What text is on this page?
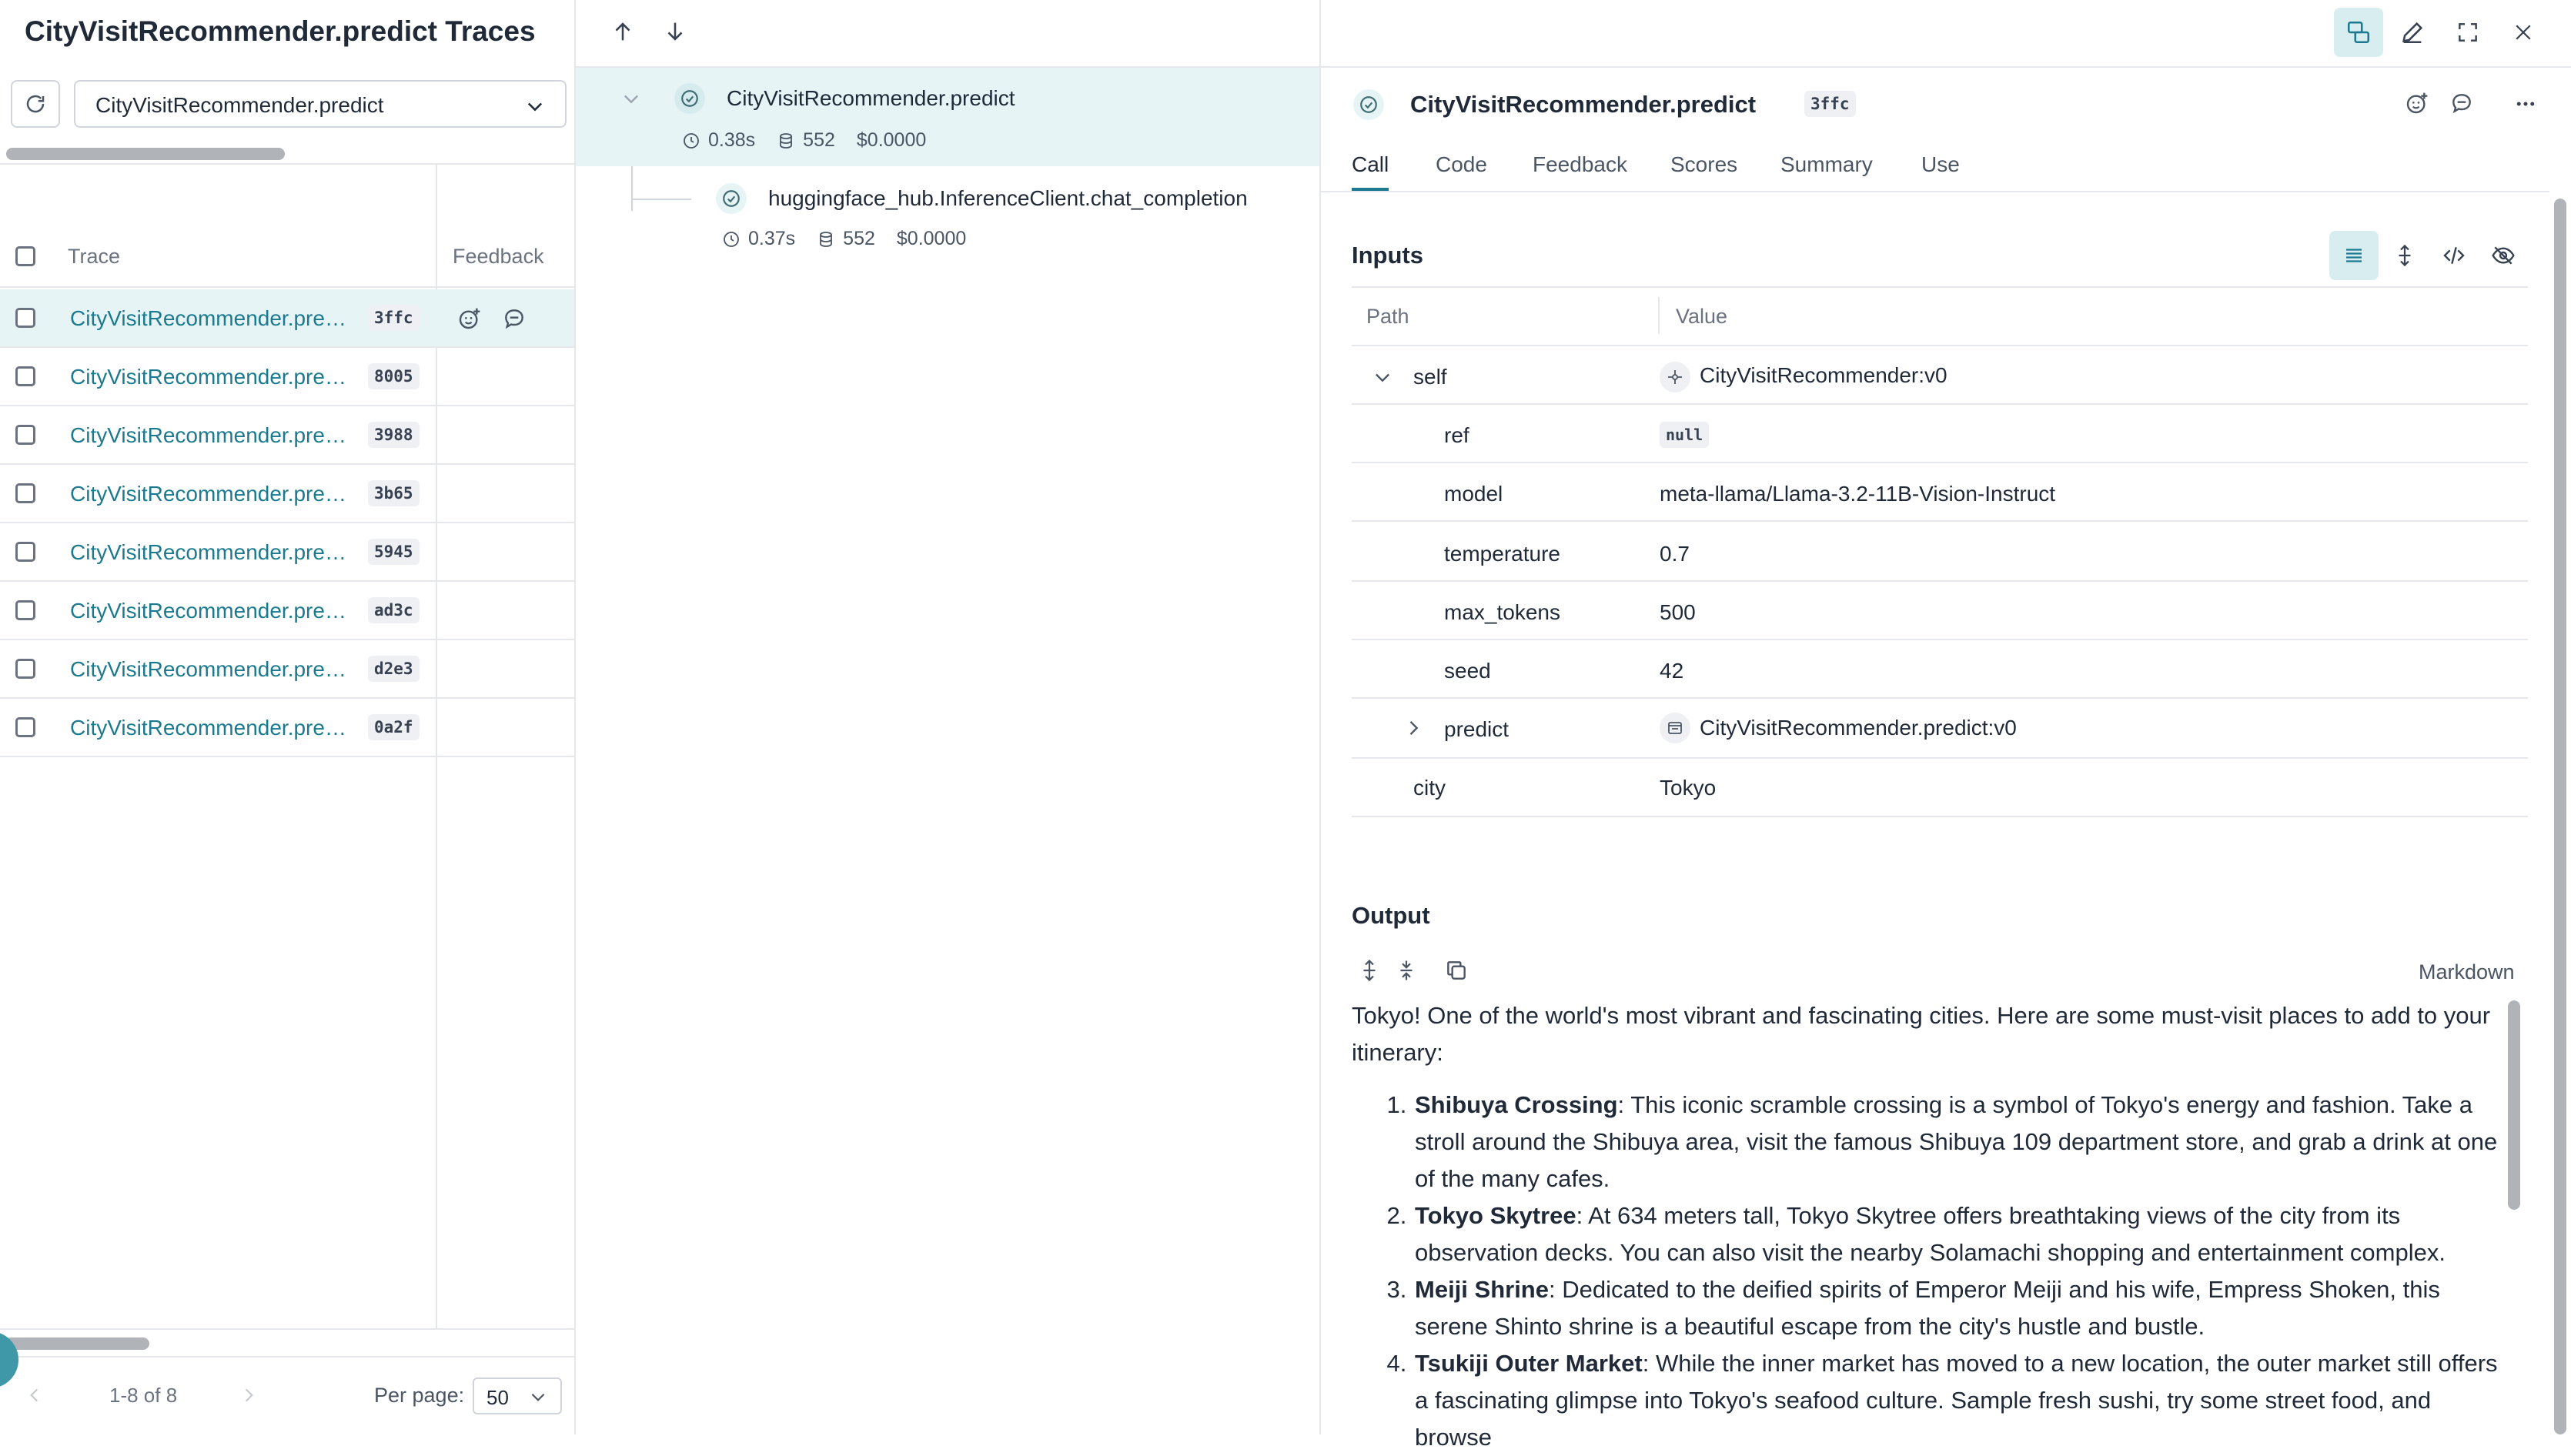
CityVisitRecommender.predict Traces
CityVisitRecommender.predict
Trace	Feedback
CityVisitRecommender.pre…	3ffc
CityVisitRecommender.pre…	8005
CityVisitRecommender.pre…	3988
CityVisitRecommender.pre…	3b65
CityVisitRecommender.pre…	5945
CityVisitRecommender.pre…	ad3c
CityVisitRecommender.pre…	d2e3
CityVisitRecommender.pre…	0a2f
1-8 of 8	Per page: 50
CityVisitRecommender.predict
0.38s 552 $0.0000
huggingface_hub.InferenceClient.chat_completion
0.37s 552 $0.0000
CityVisitRecommender.predict	3ffc
Call Code Feedback Scores Summary Use
Inputs
Path	Value
self	CityVisitRecommender:v0
ref	null
model	meta-llama/Llama-3.2-11B-Vision-Instruct
temperature	0.7
max_tokens	500
seed	42
predict	CityVisitRecommender.predict:v0
city	Tokyo
Output
Markdown

Tokyo! One of the world's most vibrant and fascinating cities. Here are some must-visit places to add to your itinerary:

1. Shibuya Crossing: This iconic scramble crossing is a symbol of Tokyo's energy and fashion. Take a stroll around the Shibuya area, visit the famous Shibuya 109 department store, and grab a drink at one of the many cafes.
2. Tokyo Skytree: At 634 meters tall, Tokyo Skytree offers breathtaking views of the city from its observation decks. You can also visit the nearby Solamachi shopping and entertainment complex.
3. Meiji Shrine: Dedicated to the deified spirits of Emperor Meiji and his wife, Empress Shoken, this serene Shinto shrine is a beautiful escape from the city's hustle and bustle.
4. Tsukiji Outer Market: While the inner market has moved to a new location, the outer market still offers a fascinating glimpse into Tokyo's seafood culture. Sample fresh sushi, try some street food, and browse
